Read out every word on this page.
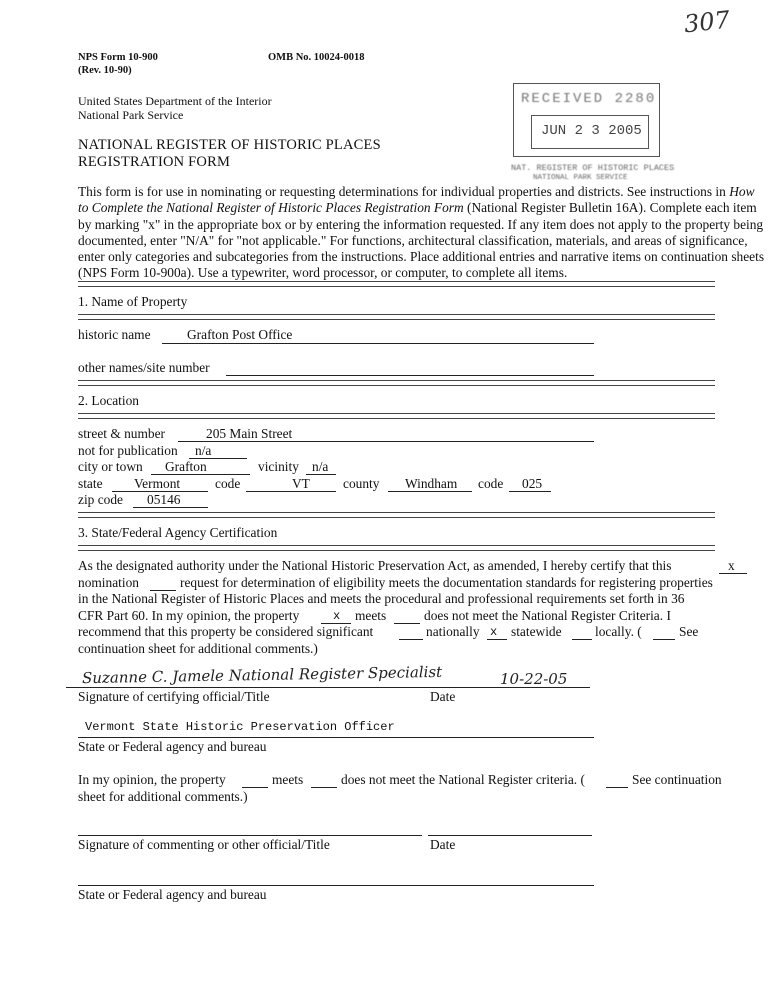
307
NPS Form 10-900
(Rev. 10-90)
OMB No. 10024-0018
United States Department of the Interior
National Park Service
NATIONAL REGISTER OF HISTORIC PLACES
REGISTRATION FORM
RECEIVED 2280
JUN 2 3 2005
NAT. REGISTER OF HISTORIC PLACES
NATIONAL PARK SERVICE
This form is for use in nominating or requesting determinations for individual properties and districts. See instructions in How
to Complete the National Register of Historic Places Registration Form (National Register Bulletin 16A). Complete each item
by marking "x" in the appropriate box or by entering the information requested. If any item does not apply to the property being
documented, enter "N/A" for "not applicable." For functions, architectural classification, materials, and areas of significance,
enter only categories and subcategories from the instructions. Place additional entries and narrative items on continuation sheets
(NPS Form 10-900a). Use a typewriter, word processor, or computer, to complete all items.
1. Name of Property
historic name	Grafton Post Office
other names/site number
2. Location
street & number	205 Main Street
not for publication n/a
city or town Grafton	vicinity n/a
state Vermont	code	VT county Windham code 025
zip code 05146
3. State/Federal Agency Certification
As the designated authority under the National Historic Preservation Act, as amended, I hereby certify that this	x
nomination	request for determination of eligibility meets the documentation standards for registering properties
in the National Register of Historic Places and meets the procedural and professional requirements set forth in 36
CFR Part 60. In my opinion, the property	x meets	does not meet the National Register Criteria. I
recommend that this property be considered significant	nationally x statewide locally. (	See
continuation sheet for additional comments.)
Suzanne C. Jamele National Register Specialist	10-22-05
Signature of certifying official/Title	Date
Vermont State Historic Preservation Officer
State or Federal agency and bureau
In my opinion, the property	meets	does not meet the National Register criteria. (	See continuation
sheet for additional comments.)
Signature of commenting or other official/Title	Date
State or Federal agency and bureau
